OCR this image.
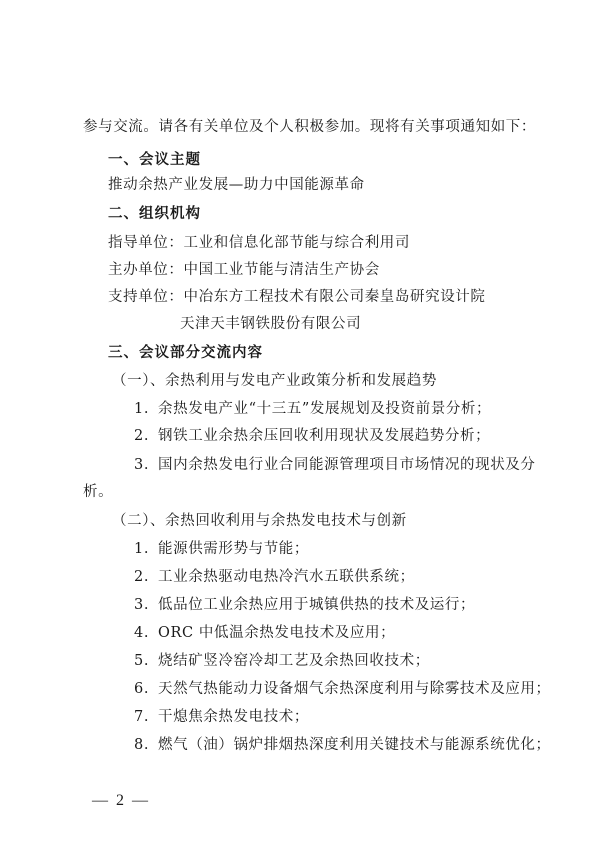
参与交流。请各有关单位及个人积极参加。现将有关事项通知如下：
一、会议主题
推动余热产业发展—助力中国能源革命
二、组织机构
指导单位：工业和信息化部节能与综合利用司
主办单位：中国工业节能与清洁生产协会
支持单位：中冶东方工程技术有限公司秦皇岛研究设计院
天津天丰钢铁股份有限公司
三、会议部分交流内容
（一）、余热利用与发电产业政策分析和发展趋势
1. 余热发电产业“十三五”发展规划及投资前景分析；
2. 钢铁工业余热余压回收利用现状及发展趋势分析；
3. 国内余热发电行业合同能源管理项目市场情况的现状及分
析。
（二）、余热回收利用与余热发电技术与创新
1. 能源供需形势与节能；
2. 工业余热驱动电热冷汽水五联供系统；
3. 低品位工业余热应用于城镇供热的技术及运行；
4. ORC 中低温余热发电技术及应用；
5. 烧结矿竖冷窑冷却工艺及余热回收技术；
6. 天然气热能动力设备烟气余热深度利用与除雾技术及应用；
7. 干熄焦余热发电技术；
8. 燃气（油）锅炉排烟热深度利用关键技术与能源系统优化；
— 2 —
